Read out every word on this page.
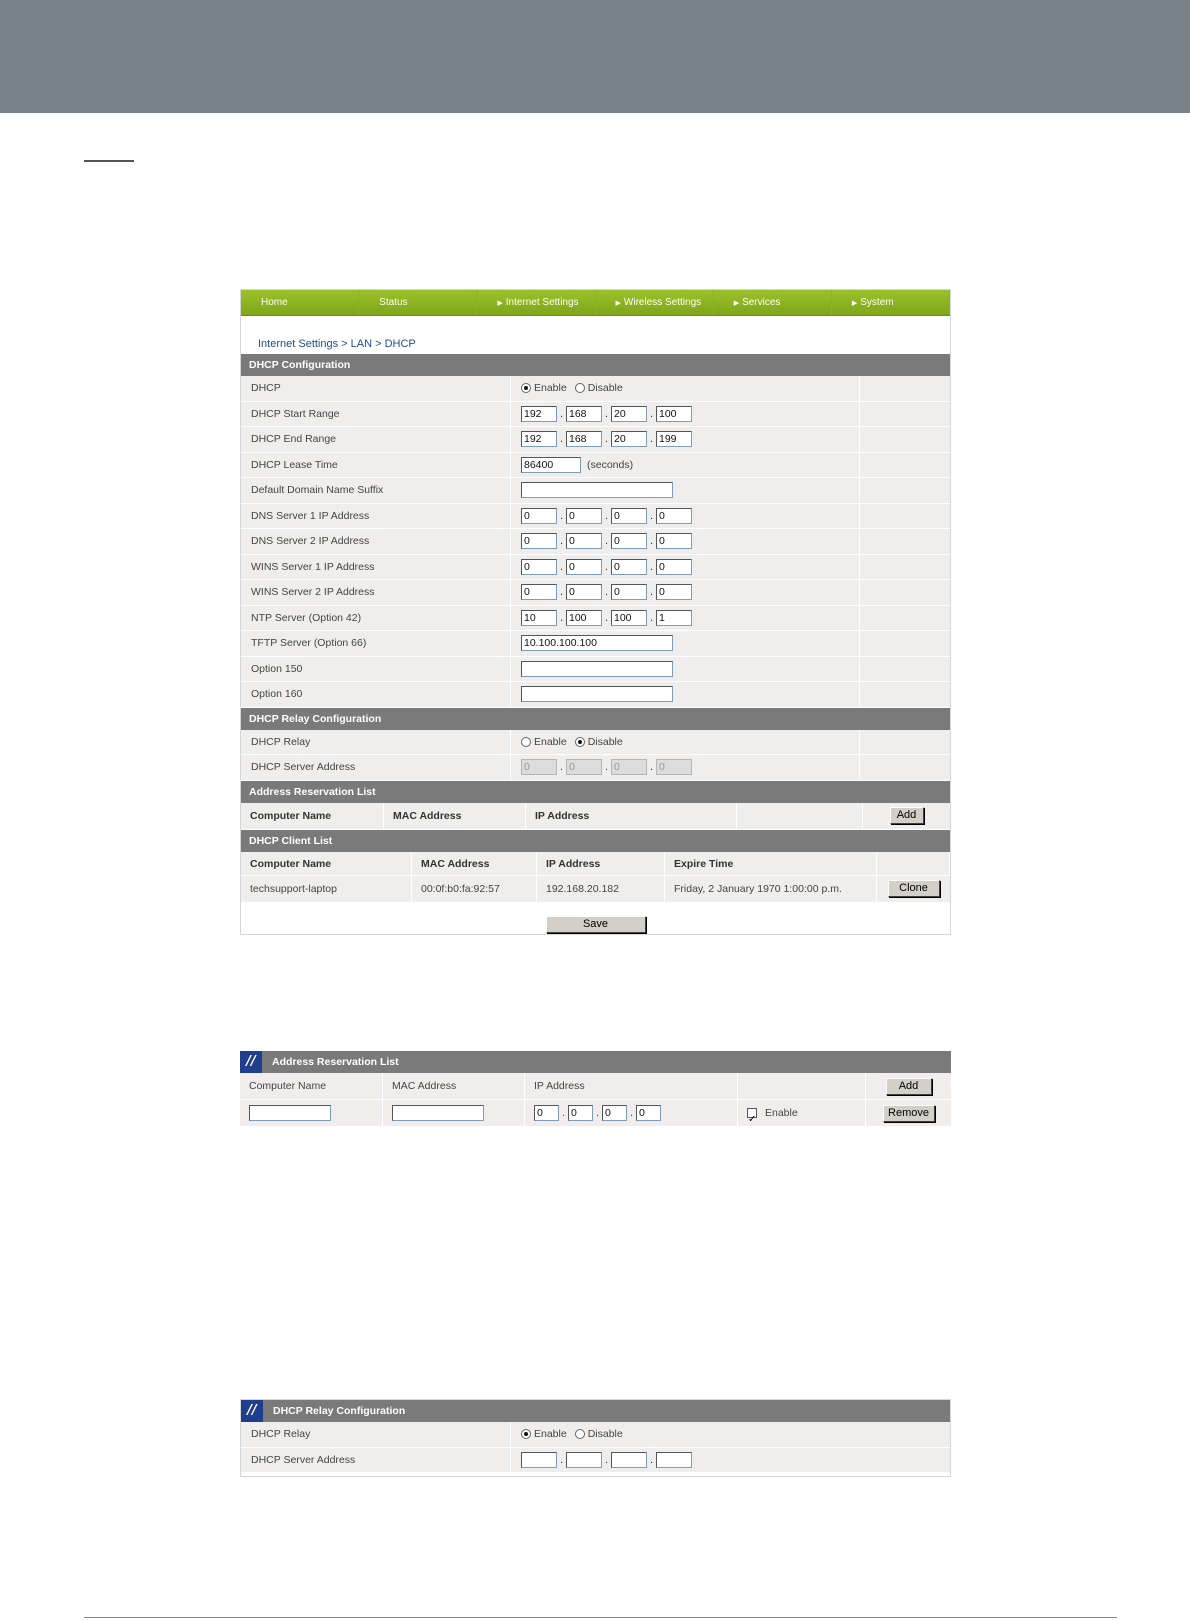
Home	Status	▶ Internet Settings	▶ Wireless Settings	▶ Services	▶ System
Internet Settings > LAN > DHCP
DHCP Configuration
DHCP	Enable Disable
DHCP Start Range	192	. 168	. 20	. 100
DHCP End Range	192	. 168	. 20	. 199
DHCP Lease Time	86400	(seconds)
Default Domain Name Suffix
DNS Server 1 IP Address	0	. 0	. 0	. 0
DNS Server 2 IP Address	0	. 0	. 0	. 0
WINS Server 1 IP Address	0	. 0	. 0	. 0
WINS Server 2 IP Address	0	. 0	. 0	. 0
NTP Server (Option 42)	10	. 100	. 100	. 1
TFTP Server (Option 66)	10.100.100.100
Option 150
Option 160
DHCP Relay Configuration
DHCP Relay	Enable Disable
DHCP Server Address	0	. 0	. 0	. 0
Address Reservation List
Computer Name	MAC Address	IP Address	Add
DHCP Client List
Computer Name	MAC Address	IP Address	Expire Time
techsupport-laptop	00:0f:b0:fa:92:57	192.168.20.182	Friday, 2 January 1970 1:00:00 p.m.	Clone
Save
//	Address Reservation List
Computer Name	MAC Address	IP Address	Add
0	. 0	. 0	. 0
✓	Enable	Remove
//	DHCP Relay Configuration
DHCP Relay	Enable Disable
DHCP Server Address	.	.	.
